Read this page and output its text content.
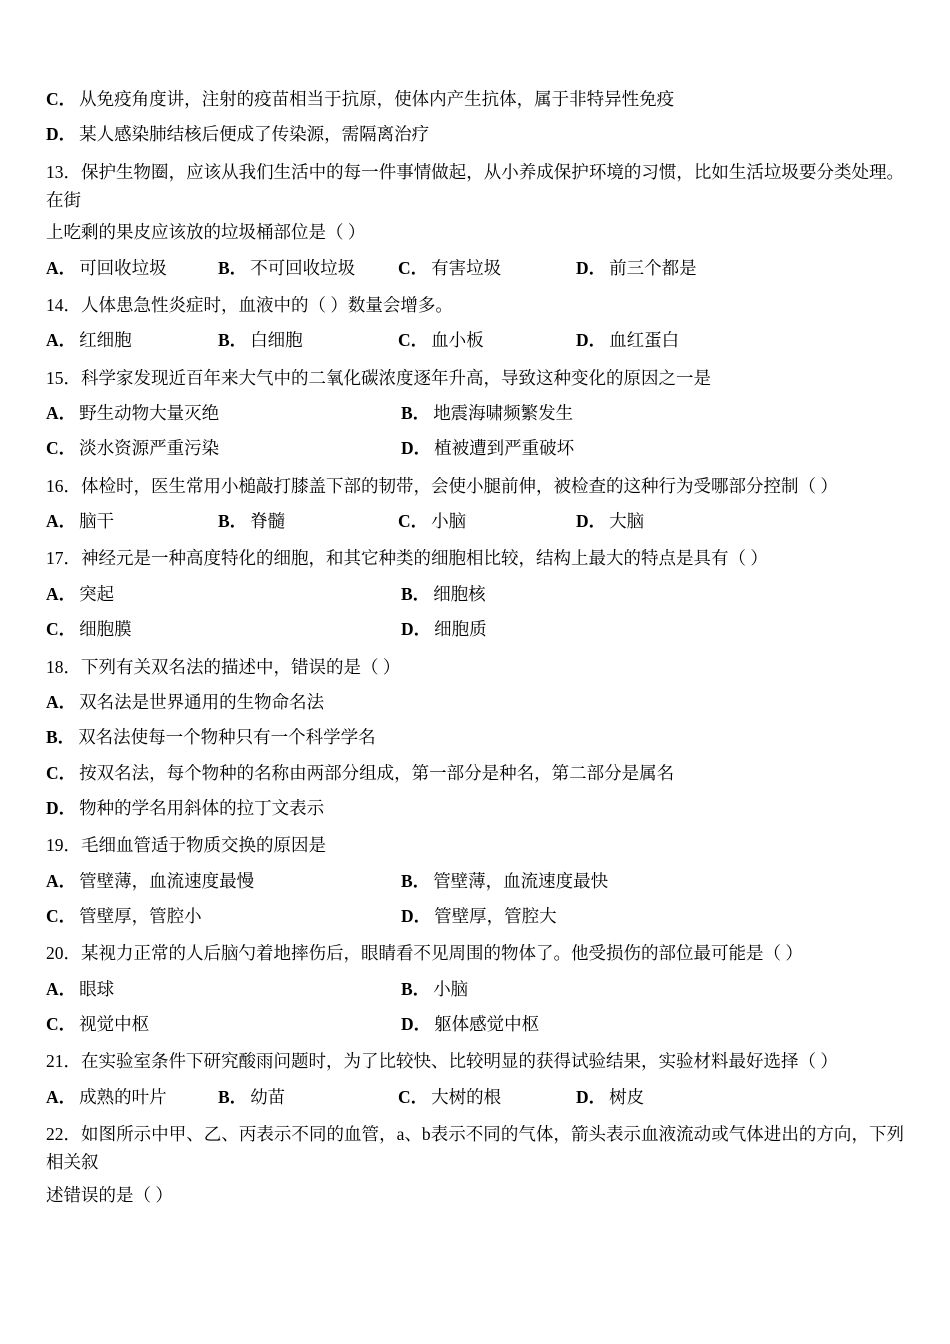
C． 从免疫角度讲，注射的疫苗相当于抗原，使体内产生抗体，属于非特异性免疫
D． 某人感染肺结核后便成了传染源，需隔离治疗
13．保护生物圈，应该从我们生活中的每一件事情做起，从小养成保护环境的习惯，比如生活垃圾要分类处理。在街
上吃剩的果皮应该放的垃圾桶部位是（ ）
A． 可回收垃圾	B． 不可回收垃圾	C． 有害垃圾	D． 前三个都是
14．人体患急性炎症时，血液中的（ ）数量会增多。
A． 红细胞	B． 白细胞	C． 血小板	D． 血红蛋白
15．科学家发现近百年来大气中的二氧化碳浓度逐年升高，导致这种变化的原因之一是
A． 野生动物大量灭绝	B． 地震海啸频繁发生
C． 淡水资源严重污染	D． 植被遭到严重破坏
16．体检时，医生常用小槌敲打膝盖下部的韧带，会使小腿前伸，被检查的这种行为受哪部分控制（ ）
A． 脑干	B． 脊髓	C． 小脑	D． 大脑
17．神经元是一种高度特化的细胞，和其它种类的细胞相比较，结构上最大的特点是具有（ ）
A． 突起	B． 细胞核
C． 细胞膜	D． 细胞质
18．下列有关双名法的描述中，错误的是（ ）
A． 双名法是世界通用的生物命名法
B． 双名法使每一个物种只有一个科学学名
C． 按双名法，每个物种的名称由两部分组成，第一部分是种名，第二部分是属名
D． 物种的学名用斜体的拉丁文表示
19．毛细血管适于物质交换的原因是
A． 管壁薄，血流速度最慢	B． 管壁薄，血流速度最快
C． 管壁厚，管腔小	D． 管壁厚，管腔大
20．某视力正常的人后脑勺着地摔伤后，眼睛看不见周围的物体了。他受损伤的部位最可能是（ ）
A． 眼球	B． 小脑
C． 视觉中枢	D． 躯体感觉中枢
21．在实验室条件下研究酸雨问题时，为了比较快、比较明显的获得试验结果，实验材料最好选择（ ）
A． 成熟的叶片	B． 幼苗	C． 大树的根	D． 树皮
22．如图所示中甲、乙、丙表示不同的血管，a、b表示不同的气体，箭头表示血液流动或气体进出的方向，下列相关叙
述错误的是（ ）
